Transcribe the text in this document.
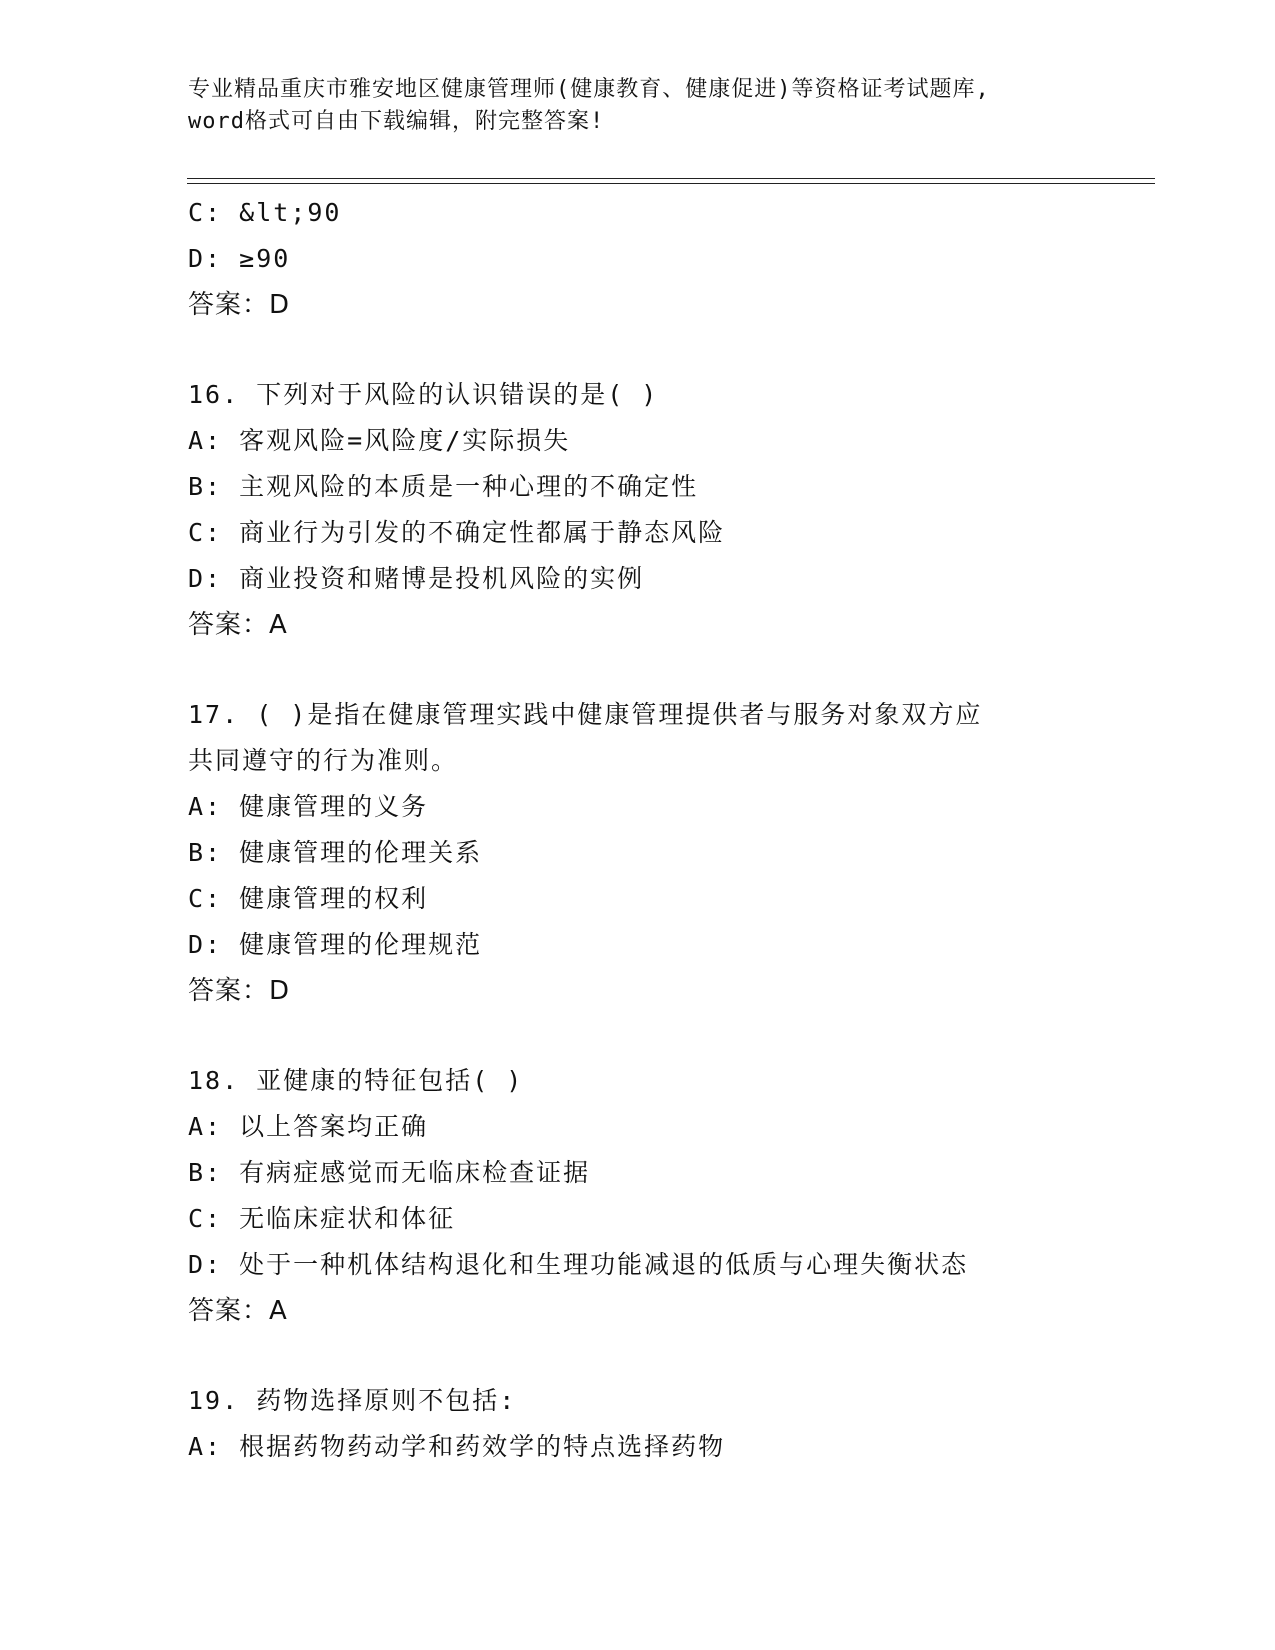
专业精品重庆市雅安地区健康管理师(健康教育、健康促进)等资格证考试题库,
word格式可自由下载编辑，附完整答案!
C: &lt;90
D: ≥90
答案：D
16. 下列对于风险的认识错误的是( )
A: 客观风险=风险度/实际损失
B: 主观风险的本质是一种心理的不确定性
C: 商业行为引发的不确定性都属于静态风险
D: 商业投资和赌博是投机风险的实例
答案：A
17. ( )是指在健康管理实践中健康管理提供者与服务对象双方应
共同遵守的行为准则。
A: 健康管理的义务
B: 健康管理的伦理关系
C: 健康管理的权利
D: 健康管理的伦理规范
答案：D
18. 亚健康的特征包括( )
A: 以上答案均正确
B: 有病症感觉而无临床检查证据
C: 无临床症状和体征
D: 处于一种机体结构退化和生理功能减退的低质与心理失衡状态
答案：A
19. 药物选择原则不包括:
A: 根据药物药动学和药效学的特点选择药物
